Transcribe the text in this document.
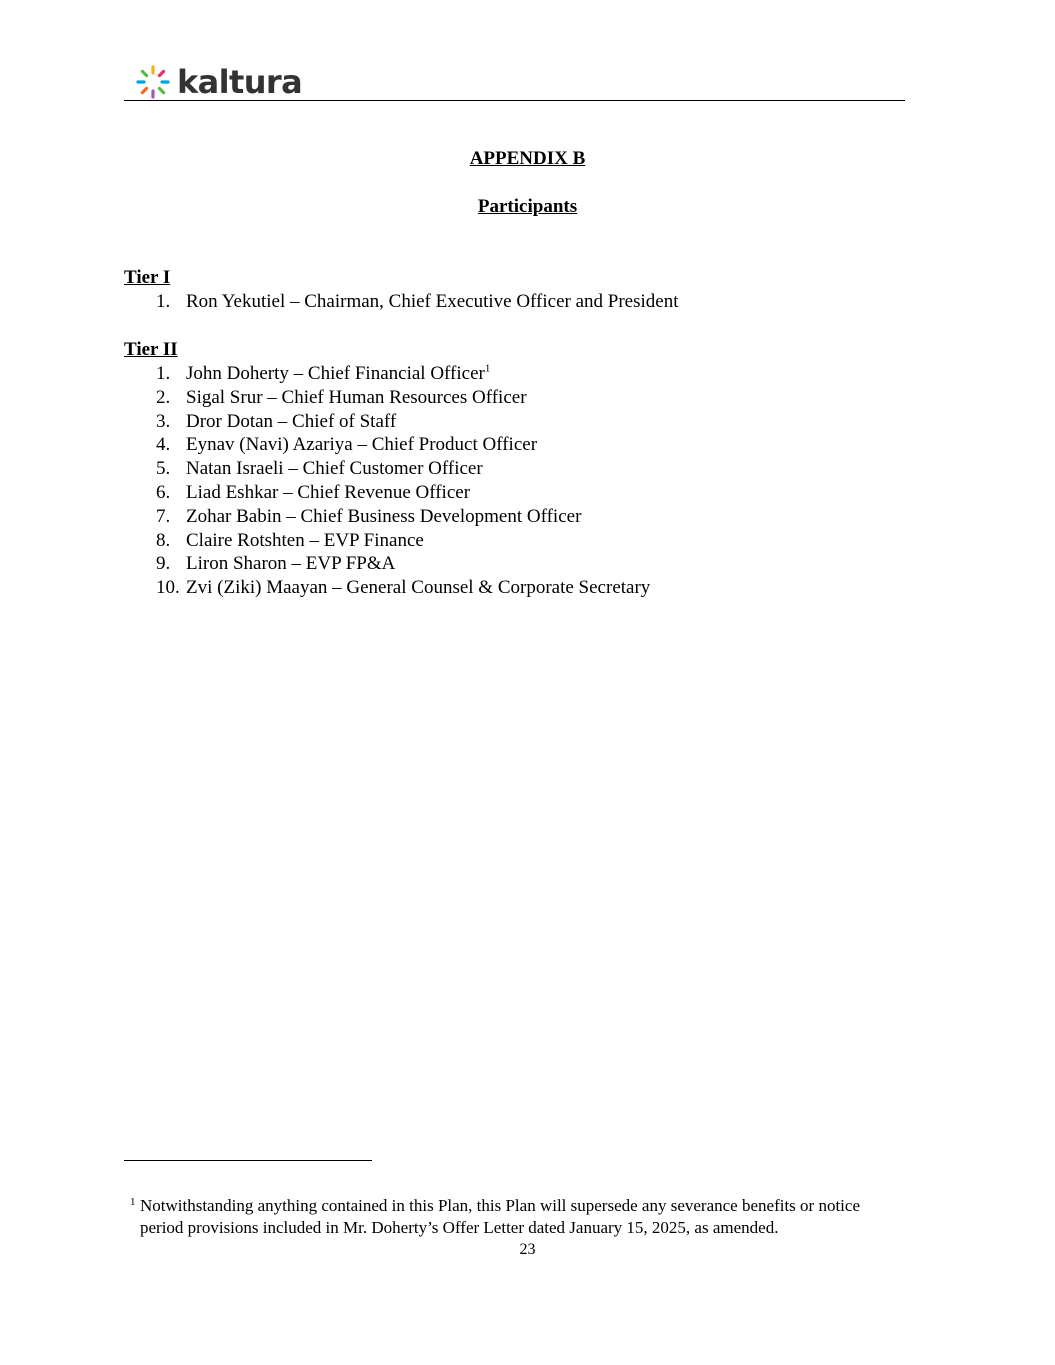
kaltura
APPENDIX B
Participants
Tier I
1. Ron Yekutiel – Chairman, Chief Executive Officer and President
Tier II
1. John Doherty – Chief Financial Officer$^1$
2. Sigal Srur – Chief Human Resources Officer
3. Dror Dotan – Chief of Staff
4. Eynav (Navi) Azariya – Chief Product Officer
5. Natan Israeli – Chief Customer Officer
6. Liad Eshkar – Chief Revenue Officer
7. Zohar Babin – Chief Business Development Officer
8. Claire Rotshten – EVP Finance
9. Liron Sharon – EVP FP&A
10. Zvi (Ziki) Maayan – General Counsel & Corporate Secretary
1 Notwithstanding anything contained in this Plan, this Plan will supersede any severance benefits or notice
period provisions included in Mr. Doherty’s Offer Letter dated January 15, 2025, as amended.
23
